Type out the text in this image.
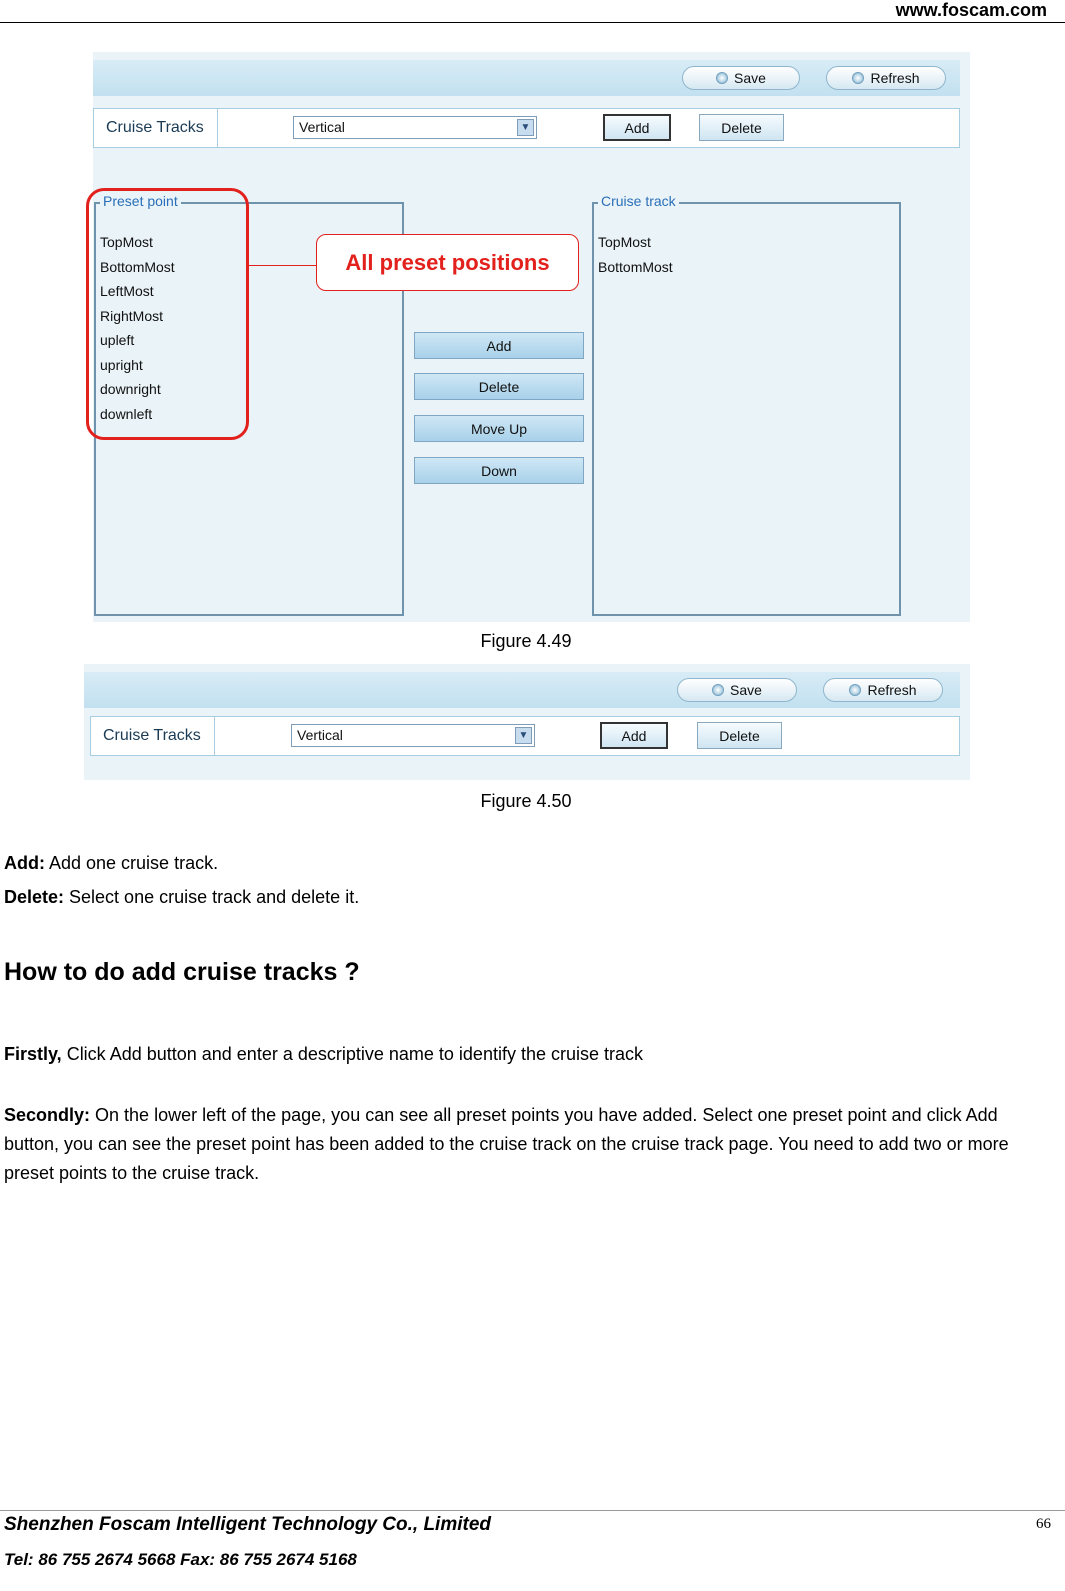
www.foscam.com
Save	Refresh
Cruise Tracks	Vertical	▼	Add	Delete
Preset point
TopMost
BottomMost
LeftMost
RightMost
upleft
upright
downright
downleft
Add
Delete
Move Up
Down
Cruise track
TopMost
BottomMost
All preset positions
Figure 4.49
Save	Refresh
Cruise Tracks	Vertical	▼	Add	Delete
Figure 4.50
Add: Add one cruise track.
Delete: Select one cruise track and delete it.
How to do add cruise tracks ?
Firstly, Click Add button and enter a descriptive name to identify the cruise track
Secondly: On the lower left of the page, you can see all preset points you have added. Select one preset point and click Add button, you can see the preset point has been added to the cruise track on the cruise track page. You need to add two or more preset points to the cruise track.
Shenzhen Foscam Intelligent Technology Co., Limited
Tel: 86 755 2674 5668 Fax: 86 755 2674 5168
66
